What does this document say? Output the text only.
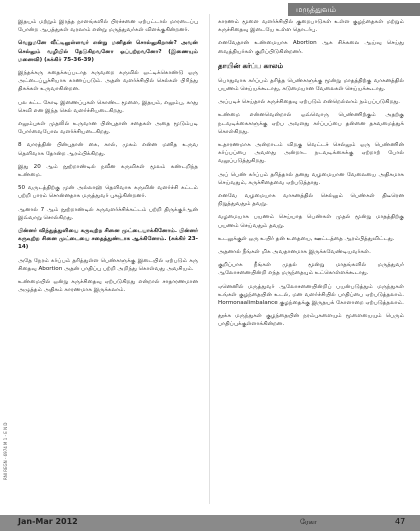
மருத்துவம்
RNI REGN - 6974 M 1 - E N D

இதயம் மற்றும் இரத்த நாளங்களில் பிரச்சனை ஏற்பட்டால் மாரடைப்பு போன்ற ஆபத்துகள் வரலாம் என்று மருத்துவர்கள் விளக்குகின்றனர்.

வெறுமனே வீட்டிலுள்ளவர் என்று மனிதன் சொல்லுகிறான்? அவன் செல்லும் வழியில் தேடுகிறவனோ ஒப்பற்றவனோ? (இணையும் மனைவி) (சுக்கிர் 75-36-39)

இந்தக்கரு சுதைக்கப்படாத கருவறை கருவில் ஒட்டிக்கொண்டு ஒரு அட்டைப்பூச்சியாக காணப்படும். அதன் வளர்ச்சியில் செல்கள் பிரிந்து திசுக்கள் உருவாகின்றன.

பல கட்ட கோடி இணைப்புகள் கொண்ட மூளை, இதயம், எலும்பு, காது செவி என இந்த செல் வளர்ச்சியடைகிறது.

எலும்புகள் முதலில் உருவான பின்புதான் சதைகள் அதை மூடும்படி போர்வைபோல வளர்ச்சியடைகிறது.

8 வாரத்தின் பின்புதான் கை, கால், முகம் என்ன மனித உருவ தெளிவாக தோன்ற ஆரம்பிக்கிறது.

இது 20 ஆம் நூற்றாண்டில் நவீன கருவிகள் மூலம் கண்டறிந்த உண்மை.

50 வருடத்திற்கு முன் அல்லாஹ் தெளிவாக கருவின் வளர்ச்சி கட்டம் பற்றி பாரம் சொன்னதாக மருத்துவர் புகழ்கின்றனர்.

ஆனால் 7 ஆம் நூற்றாண்டில் கருவளர்ச்சிக்கட்டம் பற்றி திருக்குர்ஆன் இவ்வாறு சொல்கிறது.

பின்னர் விந்துத்துளியை கருவுற்ற சினை முட்டையாக்கினோம். பின்னர் கருவுற்ற சினை முட்டையை சதைத்துண்டாக ஆக்கினோம். (சுக்கிர் 23-14)

அதே நேரம் கர்ப்பம் தரித்துள்ள பெண்களுக்கு இடையில் ஏற்படும் கரு சிதைவு Abortion அதன் பாதிப்பு பற்றி அறிந்து கொள்வது அவசியம்.

உண்மையில் ஒன்று கருச்சிதைவு ஏற்படுகிறது என்றால் சாதாரணமான அழுத்தம் அதிகம் காரணமாக இருக்கலாம்.

காரணம் மூளை வளர்ச்சியில் குறைபாடுகள் உள்ள குழந்தைகள் மற்றும் கருச்சிதைவு இடையே உள்ள தொடர்பு.

எனவேதான் உண்மையாக Abortion ஆக சிக்கலை ஆய்வு செய்து வைத்தியர்கள் குறிப்பிடுகின்றனர்.

தாயின் கர்ப்ப காலம்

பொதுவாக கர்ப்பம் தரித்த பெண்களுக்கு மூன்று மாதத்திற்கு வாகனத்தில் பயணம் செய்யக்கூடாது, கடுமையான வேலைகள் செய்யக்கூடாது.

அப்படிச் செய்தால் கருச்சிதைவு ஏற்படும் என்றெல்லாம் நம்பப்படுகிறது.

உண்மை என்னவென்றால் ஒவ்வொரு பெண்ணிற்கும் அதற்கு நடவடிக்கைகளுக்கு ஏற்ப அவளது கர்ப்பப்பை தன்னை தகவமைத்துக் கொள்கிறது.

உதாரணமாக அன்றாடம் விறகு வெட்டச் செல்லும் ஒரு பெண்ணின் கர்ப்பப்பை அவளது அன்றாட நடவடிக்கைக்கு ஏற்றாற் போல் வலுப்படுத்துகிறது.

அப் பெண் கர்ப்பம் தரித்தால் தனது வழமையான வேலையை அதிகமாக செய்வதும், கருச்சிதைவை ஏற்படுத்தாது.

எனவே வழமையாக வாகனத்தில் செல்லும் பெண்கள் திடீரென நிறுத்துவதும் தவறு.

வழமையாக பயணம் செய்யாத பெண்கள் முதல் மூன்று மாதத்திற்கு பயணம் செய்வதும் தவறு.

உடலுக்குள் ஒரு உயிர் தன் உதையை, ஊட்டத்தை ஆரம்பித்துவிட்டது.

அதனால் நீங்கள் மிக அவதானமாக இருக்கவேண்டியவர்கள்.

குறிப்பாக நீங்கள் முதல் மூன்று மாதங்களில் மருத்துவர் ஆலோசனையின்றி எந்த மருந்தையும் உட்கொள்ளக்கூடாது.

ஏனெனில் மருத்துவர் ஆலோசனையின்றிப் பயன்படுத்தும் மருந்துகள் உங்கள் குழந்தையின் உடல், மன வளர்ச்சியில் பாதிப்பை ஏற்படுத்தலாம். Hormonaalimbalance குழந்தைக்கு இருதயக் கோளாறை ஏற்படுத்தலாம்.

தூக்க மருந்துகள் குழந்தையின் நரம்புகளையும் மூளையையும் பெரும் பாதிப்புக்குள்ளாக்கின்றன.

Jan-Mar 2012	ரேகா	47
